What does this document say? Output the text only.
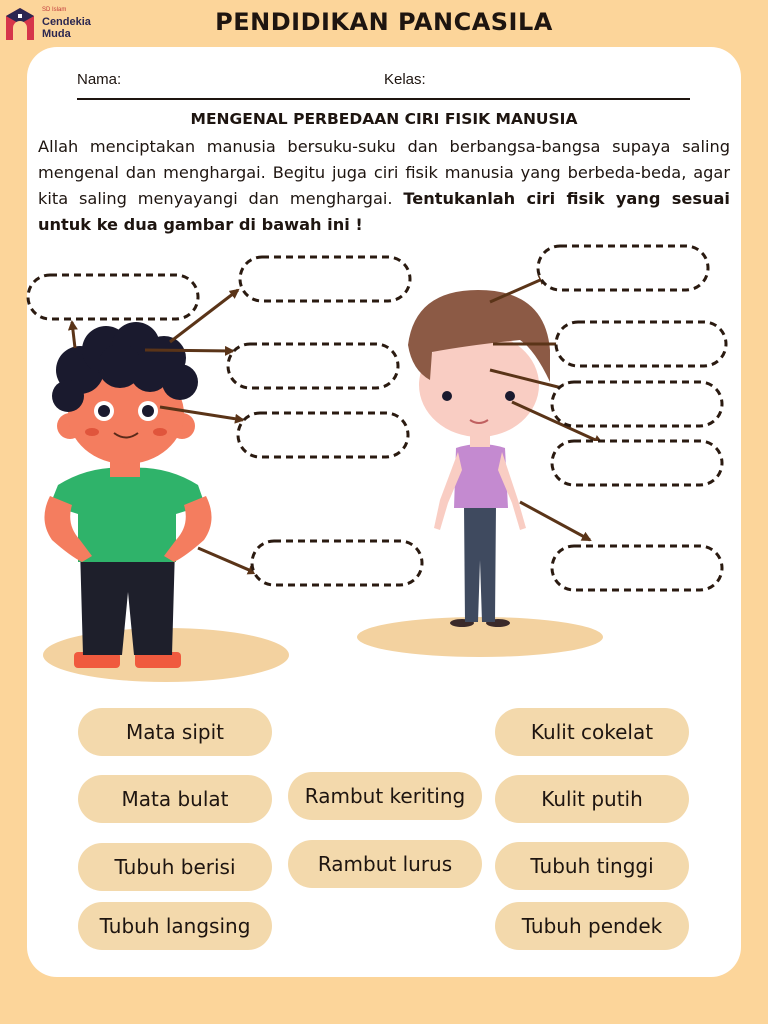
SD Islam
Cendekia
Muda	PENDIDIKAN PANCASILA
Nama:	Kelas:
MENGENAL PERBEDAAN CIRI FISIK MANUSIA
Allah menciptakan manusia bersuku-suku dan berbangsa-bangsa supaya saling mengenal dan menghargai. Begitu juga ciri fisik manusia yang berbeda-beda, agar kita saling menyayangi dan menghargai. Tentukanlah ciri fisik yang sesuai untuk ke dua gambar di bawah ini !
Mata sipit
Mata bulat
Tubuh berisi
Tubuh langsing
Rambut keriting
Rambut lurus
Kulit cokelat
Kulit putih
Tubuh tinggi
Tubuh pendek
